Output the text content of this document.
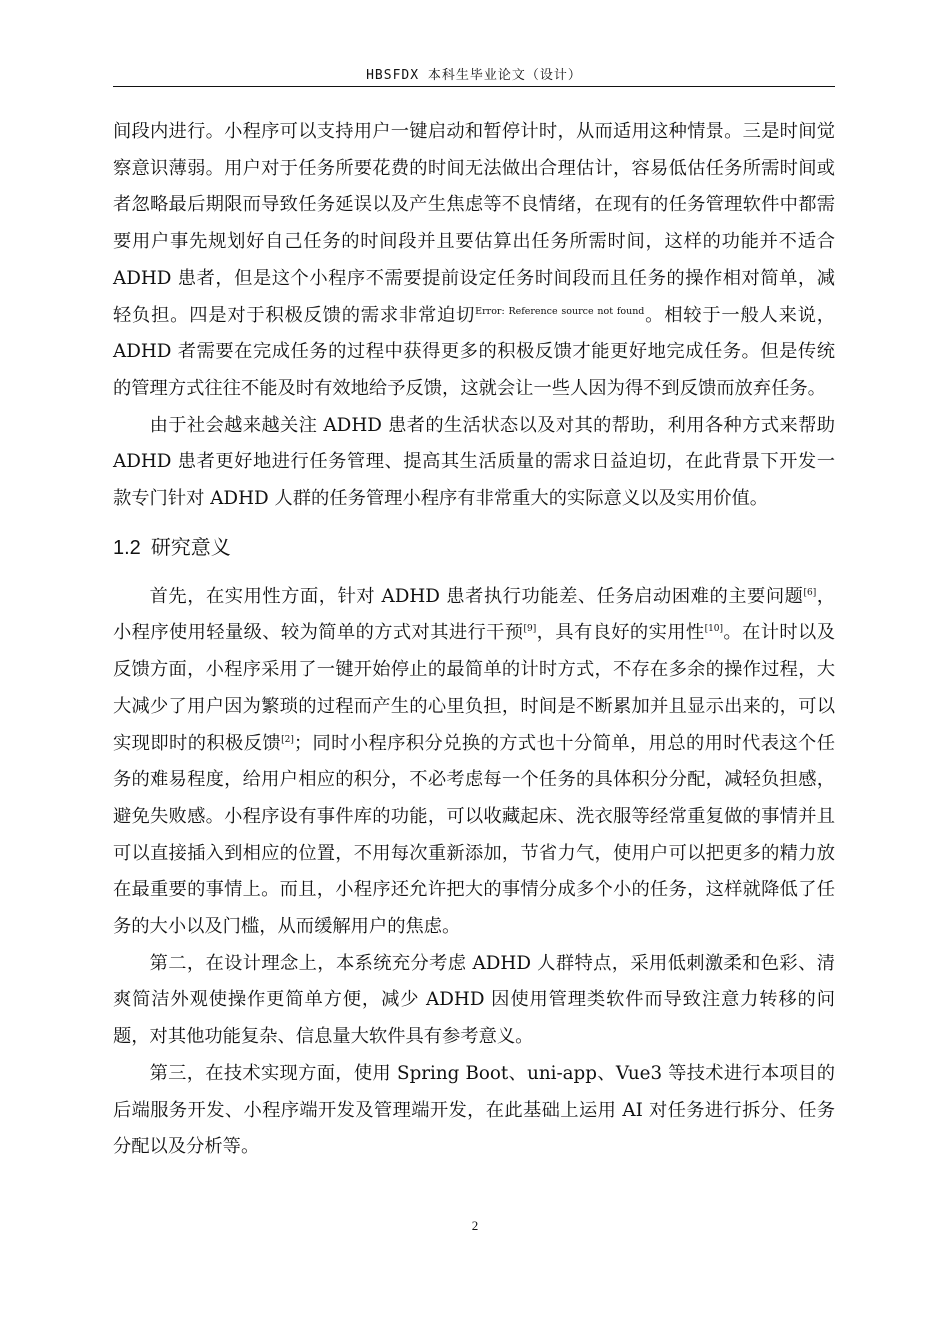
HBSFDX 本科生毕业论文（设计）

间段内进行。小程序可以支持用户一键启动和暂停计时，从而适用这种情景。三是时间觉察意识薄弱。用户对于任务所要花费的时间无法做出合理估计，容易低估任务所需时间或者忽略最后期限而导致任务延误以及产生焦虑等不良情绪，在现有的任务管理软件中都需要用户事先规划好自己任务的时间段并且要估算出任务所需时间，这样的功能并不适合 ADHD 患者，但是这个小程序不需要提前设定任务时间段而且任务的操作相对简单，减轻负担。四是对于积极反馈的需求非常迫切$^{Error: Reference source not found}$。相较于一般人来说，ADHD 者需要在完成任务的过程中获得更多的积极反馈才能更好地完成任务。但是传统的管理方式往往不能及时有效地给予反馈，这就会让一些人因为得不到反馈而放弃任务。

由于社会越来越关注 ADHD 患者的生活状态以及对其的帮助，利用各种方式来帮助 ADHD 患者更好地进行任务管理、提高其生活质量的需求日益迫切，在此背景下开发一款专门针对 ADHD 人群的任务管理小程序有非常重大的实际意义以及实用价值。

1.2 研究意义

首先，在实用性方面，针对 ADHD 患者执行功能差、任务启动困难的主要问题[6]，小程序使用轻量级、较为简单的方式对其进行干预[9]，具有良好的实用性[10]。在计时以及反馈方面，小程序采用了一键开始停止的最简单的计时方式，不存在多余的操作过程，大大减少了用户因为繁琐的过程而产生的心里负担，时间是不断累加并且显示出来的，可以实现即时的积极反馈[2]；同时小程序积分兑换的方式也十分简单，用总的用时代表这个任务的难易程度，给用户相应的积分，不必考虑每一个任务的具体积分分配，减轻负担感，避免失败感。小程序设有事件库的功能，可以收藏起床、洗衣服等经常重复做的事情并且可以直接插入到相应的位置，不用每次重新添加，节省力气，使用户可以把更多的精力放在最重要的事情上。而且，小程序还允许把大的事情分成多个小的任务，这样就降低了任务的大小以及门槛，从而缓解用户的焦虑。

第二，在设计理念上，本系统充分考虑 ADHD 人群特点，采用低刺激柔和色彩、清爽简洁外观使操作更简单方便，减少 ADHD 因使用管理类软件而导致注意力转移的问题，对其他功能复杂、信息量大软件具有参考意义。

第三，在技术实现方面，使用 Spring Boot、uni-app、Vue3 等技术进行本项目的后端服务开发、小程序端开发及管理端开发，在此基础上运用 AI 对任务进行拆分、任务分配以及分析等。

2
